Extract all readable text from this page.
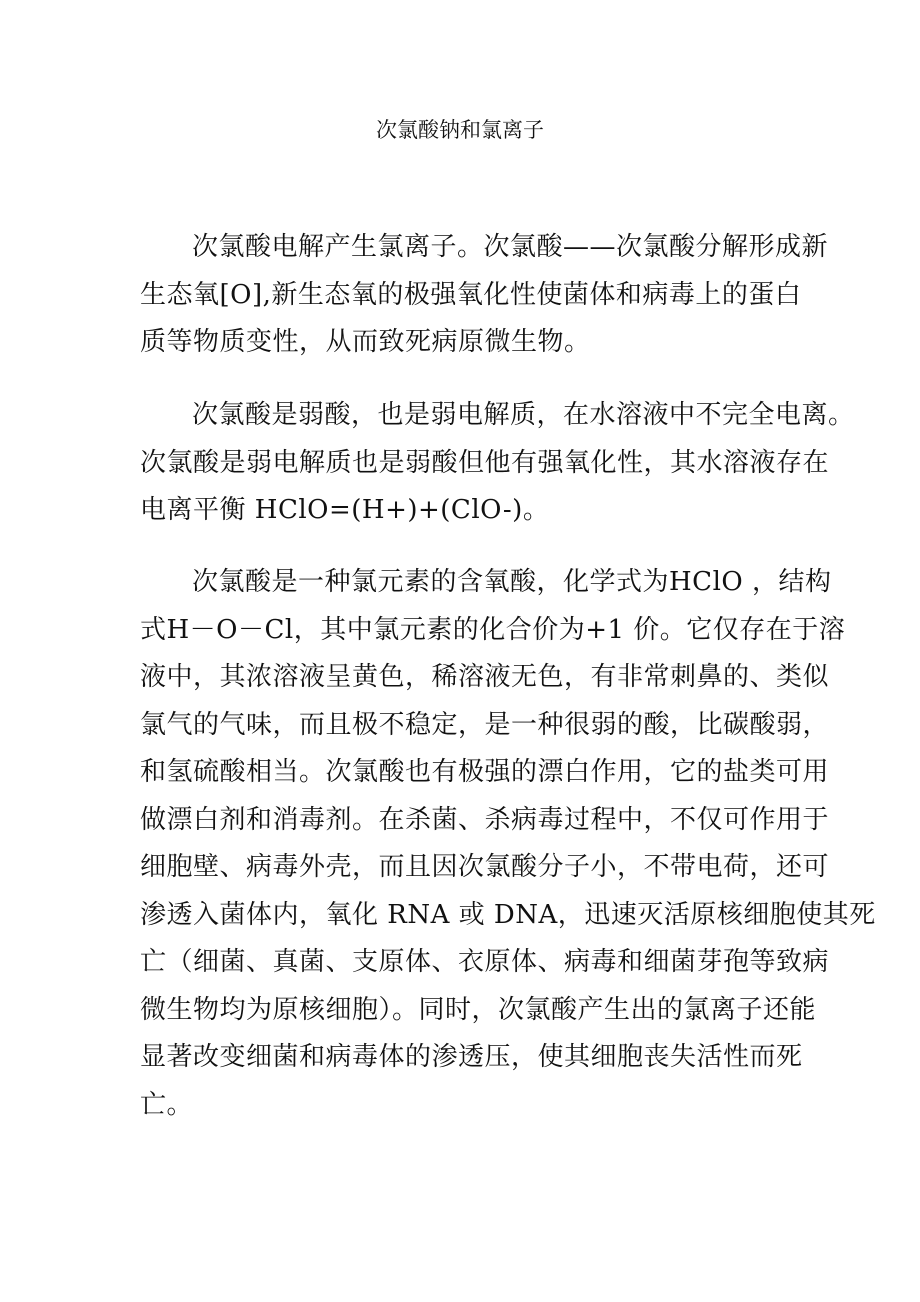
次氯酸钠和氯离子
次氯酸电解产生氯离子。次氯酸——次氯酸分解形成新
生态氧[O],新生态氧的极强氧化性使菌体和病毒上的蛋白
质等物质变性，从而致死病原微生物。
次氯酸是弱酸，也是弱电解质，在水溶液中不完全电离。
次氯酸是弱电解质也是弱酸但他有强氧化性，其水溶液存在
电离平衡 HClO=(H+)+(ClO-)。
次氯酸是一种氯元素的含氧酸，化学式为HClO ，结构
式H－O－Cl，其中氯元素的化合价为+1 价。它仅存在于溶
液中，其浓溶液呈黄色，稀溶液无色，有非常刺鼻的、类似
氯气的气味，而且极不稳定，是一种很弱的酸，比碳酸弱，
和氢硫酸相当。次氯酸也有极强的漂白作用，它的盐类可用
做漂白剂和消毒剂。在杀菌、杀病毒过程中，不仅可作用于
细胞壁、病毒外壳，而且因次氯酸分子小，不带电荷，还可
渗透入菌体内，氧化 RNA 或 DNA，迅速灭活原核细胞使其死
亡（细菌、真菌、支原体、衣原体、病毒和细菌芽孢等致病
微生物均为原核细胞）。同时，次氯酸产生出的氯离子还能
显著改变细菌和病毒体的渗透压，使其细胞丧失活性而死
亡。
